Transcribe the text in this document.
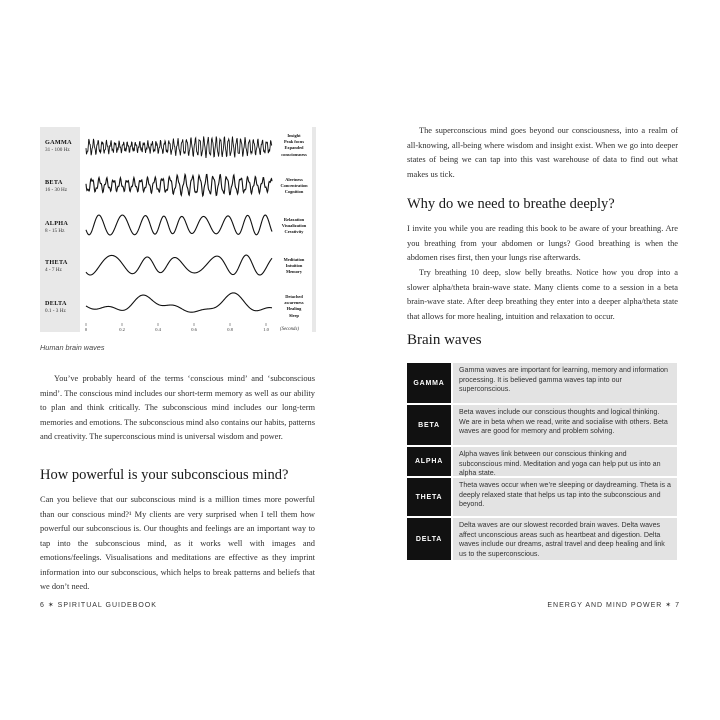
GAMMA
31 - 100 Hz
BETA
16 - 30 Hz
ALPHA
8 - 15 Hz
THETA
4 - 7 Hz
DELTA
0.1 - 3 Hz
Insight
Peak focus
Expanded
consciousness
Alertness
Concentration
Cognition
Relaxation
Visualization
Creativity
Meditation
Intuition
Memory
Detached
awareness
Healing
Sleep
0	0.2	0.4	0.6	0.8	1.0 (Seconds)
Human brain waves

You’ve probably heard of the terms ‘conscious mind’ and ‘subconscious mind’. The conscious mind includes our short-term memory as well as our ability to plan and think critically. The subconscious mind includes our long-term memories and emotions. The subconscious mind also contains our habits, patterns and creativity. The superconscious mind is universal wisdom and power.

How powerful is your subconscious mind?

Can you believe that our subconscious mind is a million times more powerful than our conscious mind?¹ My clients are very surprised when I tell them how powerful our subconscious is. Our thoughts and feelings are an important way to tap into the subconscious mind, as it works well with images and emotions/feelings. Visualisations and meditations are effective as they imprint information into our subconscious, which helps to break patterns and beliefs that we don’t need.

6 ✶ SPIRITUAL GUIDEBOOK

The superconscious mind goes beyond our consciousness, into a realm of all-knowing, all-being where wisdom and insight exist. When we go into deeper states of being we can tap into this vast warehouse of data to find out what makes us tick.

Why do we need to breathe deeply?

I invite you while you are reading this book to be aware of your breathing. Are you breathing from your abdomen or lungs? Good breathing is when the abdomen rises first, then your lungs rise afterwards.

Try breathing 10 deep, slow belly breaths. Notice how you drop into a slower alpha/theta brain-wave state. Many clients come to a session in a beta brain-wave state. After deep breathing they enter into a deeper alpha/theta state that allows for more healing, intuition and relaxation to occur.

ENERGY AND MIND POWER ✶ 7
Brain waves
GAMMA
Gamma waves are important for learning, memory and information processing. It is believed gamma waves tap into our superconscious.
BETA
Beta waves include our conscious thoughts and logical thinking. We are in beta when we read, write and socialise with others. Beta waves are good for memory and problem solving.
ALPHA
Alpha waves link between our conscious thinking and subconscious mind. Meditation and yoga can help put us into an alpha state.
THETA
Theta waves occur when we’re sleeping or daydreaming. Theta is a deeply relaxed state that helps us tap into the subconscious and beyond.
DELTA
Delta waves are our slowest recorded brain waves. Delta waves affect unconscious areas such as heartbeat and digestion. Delta waves include our dreams, astral travel and deep healing and link us to the superconscious.
